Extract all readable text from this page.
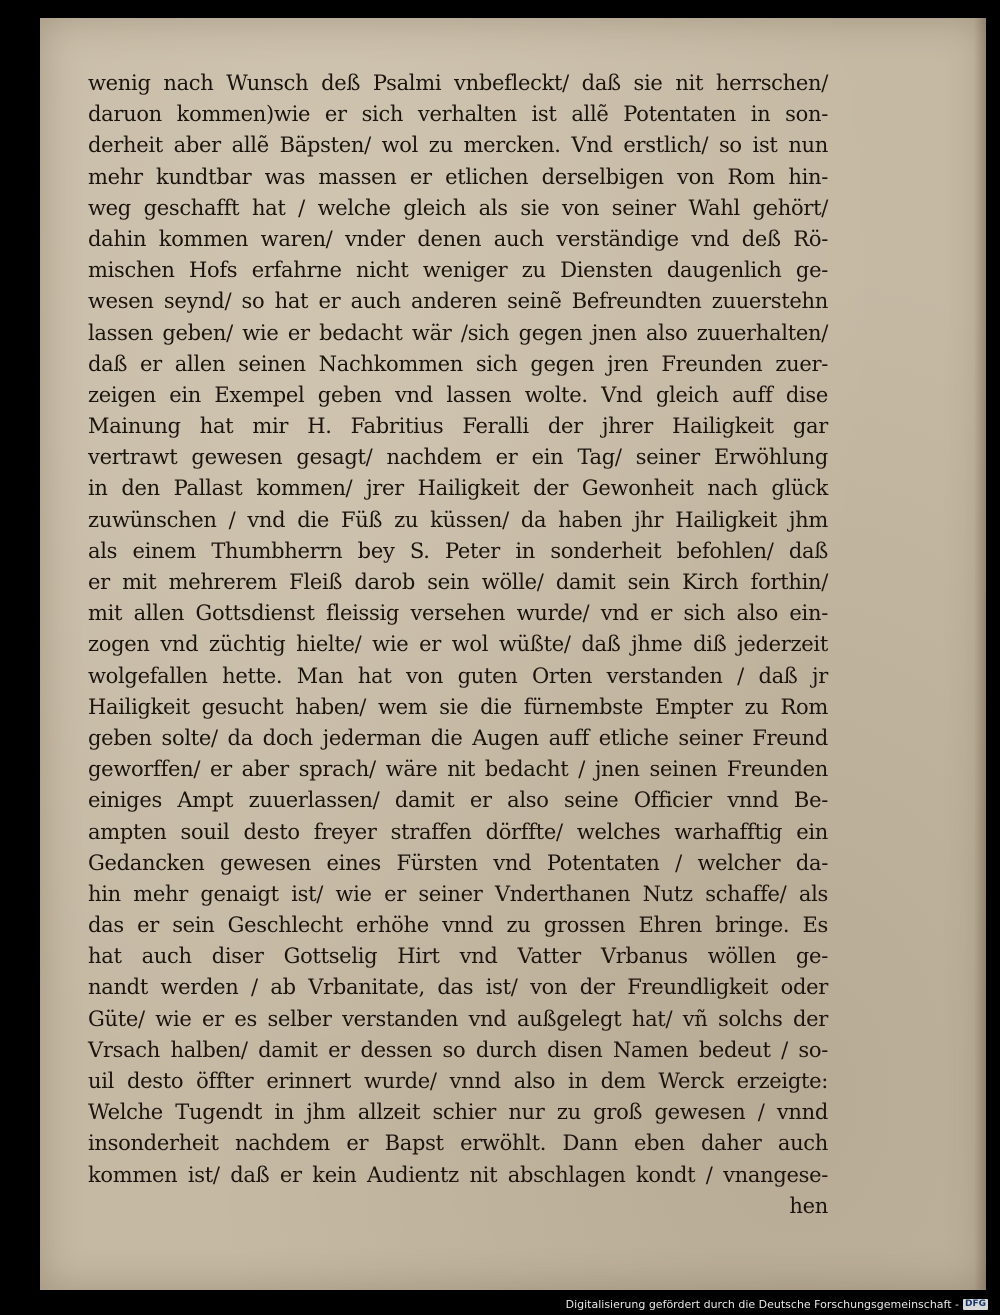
wenig nach Wunsch deß Psalmi vnbefleckt/ daß sie nit herrschen/
daruon kommen)wie er sich verhalten ist allẽ Potentaten in son-
derheit aber allẽ Bäpsten/ wol zu mercken. Vnd erstlich/ so ist nun
mehr kundtbar was massen er etlichen derselbigen von Rom hin-
weg geschafft hat / welche gleich als sie von seiner Wahl gehört/
dahin kommen waren/ vnder denen auch verständige vnd deß Rö-
mischen Hofs erfahrne nicht weniger zu Diensten daugenlich ge-
wesen seynd/ so hat er auch anderen seinẽ Befreundten zuuerstehn
lassen geben/ wie er bedacht wär /sich gegen jnen also zuuerhalten/
daß er allen seinen Nachkommen sich gegen jren Freunden zuer-
zeigen ein Exempel geben vnd lassen wolte. Vnd gleich auff dise
Mainung hat mir H. Fabritius Feralli der jhrer Hailigkeit gar
vertrawt gewesen gesagt/ nachdem er ein Tag/ seiner Erwöhlung
in den Pallast kommen/ jrer Hailigkeit der Gewonheit nach glück
zuwünschen / vnd die Füß zu küssen/ da haben jhr Hailigkeit jhm
als einem Thumbherrn bey S. Peter in sonderheit befohlen/ daß
er mit mehrerem Fleiß darob sein wölle/ damit sein Kirch forthin/
mit allen Gottsdienst fleissig versehen wurde/ vnd er sich also ein-
zogen vnd züchtig hielte/ wie er wol wüßte/ daß jhme diß jederzeit
wolgefallen hette. Man hat von guten Orten verstanden / daß jr
Hailigkeit gesucht haben/ wem sie die fürnembste Empter zu Rom
geben solte/ da doch jederman die Augen auff etliche seiner Freund
geworffen/ er aber sprach/ wäre nit bedacht / jnen seinen Freunden
einiges Ampt zuuerlassen/ damit er also seine Officier vnnd Be-
ampten souil desto freyer straffen dörffte/ welches warhafftig ein
Gedancken gewesen eines Fürsten vnd Potentaten / welcher da-
hin mehr genaigt ist/ wie er seiner Vnderthanen Nutz schaffe/ als
das er sein Geschlecht erhöhe vnnd zu grossen Ehren bringe. Es
hat auch diser Gottselig Hirt vnd Vatter Vrbanus wöllen ge-
nandt werden / ab Vrbanitate, das ist/ von der Freundligkeit oder
Güte/ wie er es selber verstanden vnd außgelegt hat/ vñ solchs der
Vrsach halben/ damit er dessen so durch disen Namen bedeut / so-
uil desto öffter erinnert wurde/ vnnd also in dem Werck erzeigte:
Welche Tugendt in jhm allzeit schier nur zu groß gewesen / vnnd
insonderheit nachdem er Bapst erwöhlt. Dann eben daher auch
kommen ist/ daß er kein Audientz nit abschlagen kondt / vnangese-
hen
Digitalisierung gefördert durch die Deutsche Forschungsgemeinschaft - DFG
